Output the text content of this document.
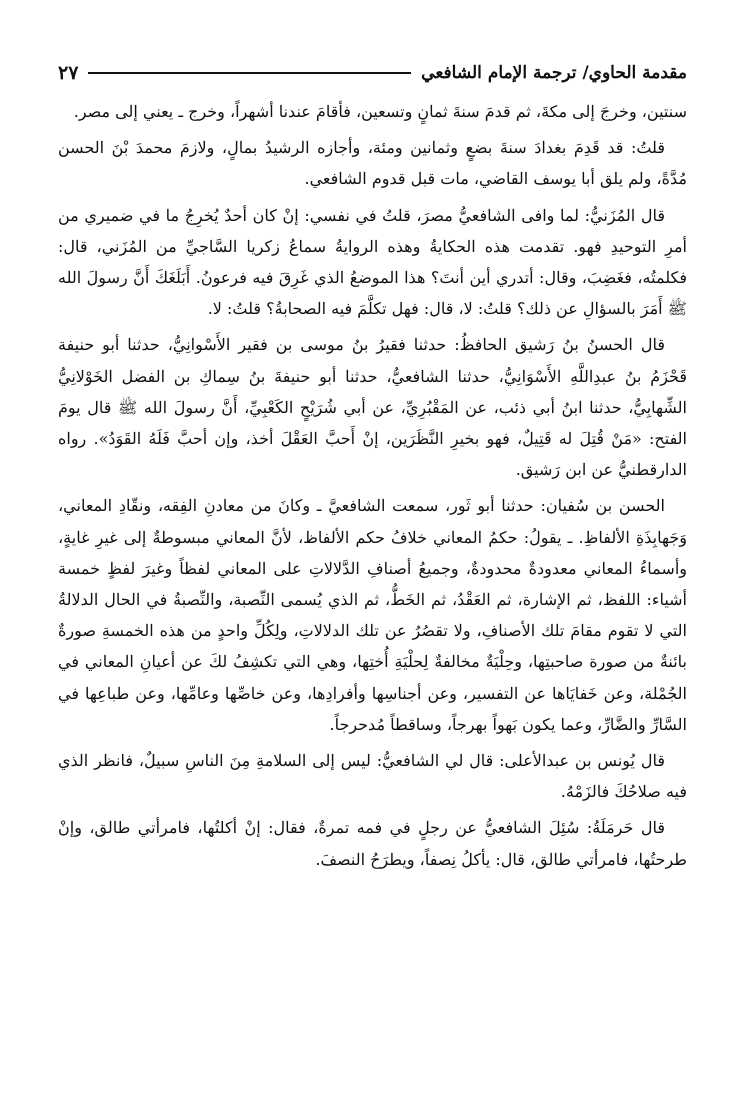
مقدمة الحاوي/ ترجمة الإمام الشافعي
٢٧

سنتين، وخرجَ إلى مكةَ، ثم قدمَ سنةَ ثمانٍ وتسعين، فأقامَ عندنا أشهراً، وخرج ـ يعني إلى مصر.

قلتُ: قد قَدِمَ بغدادَ سنةَ بضعٍ وثمانين ومئة، وأجازه الرشيدُ بمالٍ، ولازمَ محمدَ بْنَ الحسن مُدَّةً، ولم يلق أبا يوسف القاضي، مات قبل قدوم الشافعي.

قال المُزَنيُّ: لما وافى الشافعيُّ مصرَ، قلتُ في نفسي: إنْ كان أحدٌ يُخرِجُ ما في ضميري من أمرِ التوحيدِ فهو. تقدمت هذه الحكايةُ وهذه الروايةُ سماعُ زكريا السَّاجيِّ من المُزَني، قال: فكلمتُه، فغَضِبَ، وقال: أتدري أين أنتَ؟ هذا الموضعُ الذي غَرِقَ فيه فرعونُ. أَبَلَغَكَ أَنَّ رسولَ الله ﷺ أَمَرَ بالسؤالِ عن ذلك؟ قلتُ: لا، قال: فهل تكلَّمَ فيه الصحابةُ؟ قلتُ: لا.

قال الحسنُ بنُ رَشيق الحافظُ: حدثنا فقيرُ بنُ موسى بن فقير الأَسْوانِيُّ، حدثنا أبو حنيفة قَحْزَمُ بنُ عبدِاللَّهِ الأَسْوَانِيُّ، حدثنا الشافعيُّ، حدثنا أبو حنيفةَ بنُ سِماكِ بن الفضل الخَوْلانِيُّ الشِّهابِيُّ، حدثنا ابنُ أبي ذئب، عن المَقْبُرِيِّ، عن أبي شُرَيْحٍ الكَعْبِيِّ، أَنَّ رسولَ الله ﷺ قال يومَ الفتح: «مَنْ قُتِلَ له قَتِيلٌ، فهو بخيرِ النَّظَرَين، إنْ أَحبَّ العَقْلَ أخذ، وإن أحبَّ فَلَهُ القَوَدُ». رواه الدارقطنيُّ عن ابن رَشيق.

الحسن بن سُفيان: حدثنا أبو ثَور، سمعت الشافعيَّ ـ وكانَ من معادنِ الفِقه، ونقّادِ المعاني، وَجَهابِذَةِ الألفاظِ. ـ يقولُ: حكمُ المعاني خلافُ حكم الألفاظ، لأنَّ المعاني مبسوطةٌ إلى غيرِ غايةٍ، وأسماءُ المعاني معدودةٌ محدودةٌ، وجميعُ أصنافِ الدَّلالاتِ على المعاني لفظاً وغيرَ لفظٍ خمسة أشياء: اللفظ، ثم الإشارة، ثم العَقْدُ، ثم الخَطُّ، ثم الذي يُسمى النِّصبة، والنِّصبةُ في الحال الدلالةُ التي لا تقوم مقامَ تلك الأصنافِ، ولا تقصُرُ عن تلك الدلالاتِ، ولِكُلِّ واحدٍ من هذه الخمسةِ صورةٌ بائنةٌ من صورة صاحبتِها، وحِلْيَةٌ مخالفةٌ لِحلْيَةِ أُختِها، وهي التي تكشِفُ لكَ عن أعيانِ المعاني في الجُمْلة، وعن خَفايَاها عن التفسير، وعن أجناسِها وأفرادِها، وعن خاصِّها وعامِّها، وعن طباعِها في السَّارِّ والضَّارِّ، وعما يكون بَهواً بهرجاً، وساقطاً مُدحرجاً.

قال يُونس بن عبدالأعلى: قال لي الشافعيُّ: ليس إلى السلامةِ مِنَ الناسِ سبيلٌ، فانظر الذي فيه صلاحُكَ فالزَمْهُ.

قال حَرمَلَةُ: سُئِلَ الشافعيُّ عن رجلٍ في فمه تمرةٌ، فقال: إنْ أكلتُها، فامرأتي طالق، وإنْ طرحتُها، فامرأتي طالق، قال: يأكلُ نِصفاً، ويطرَحُ النصفَ.
